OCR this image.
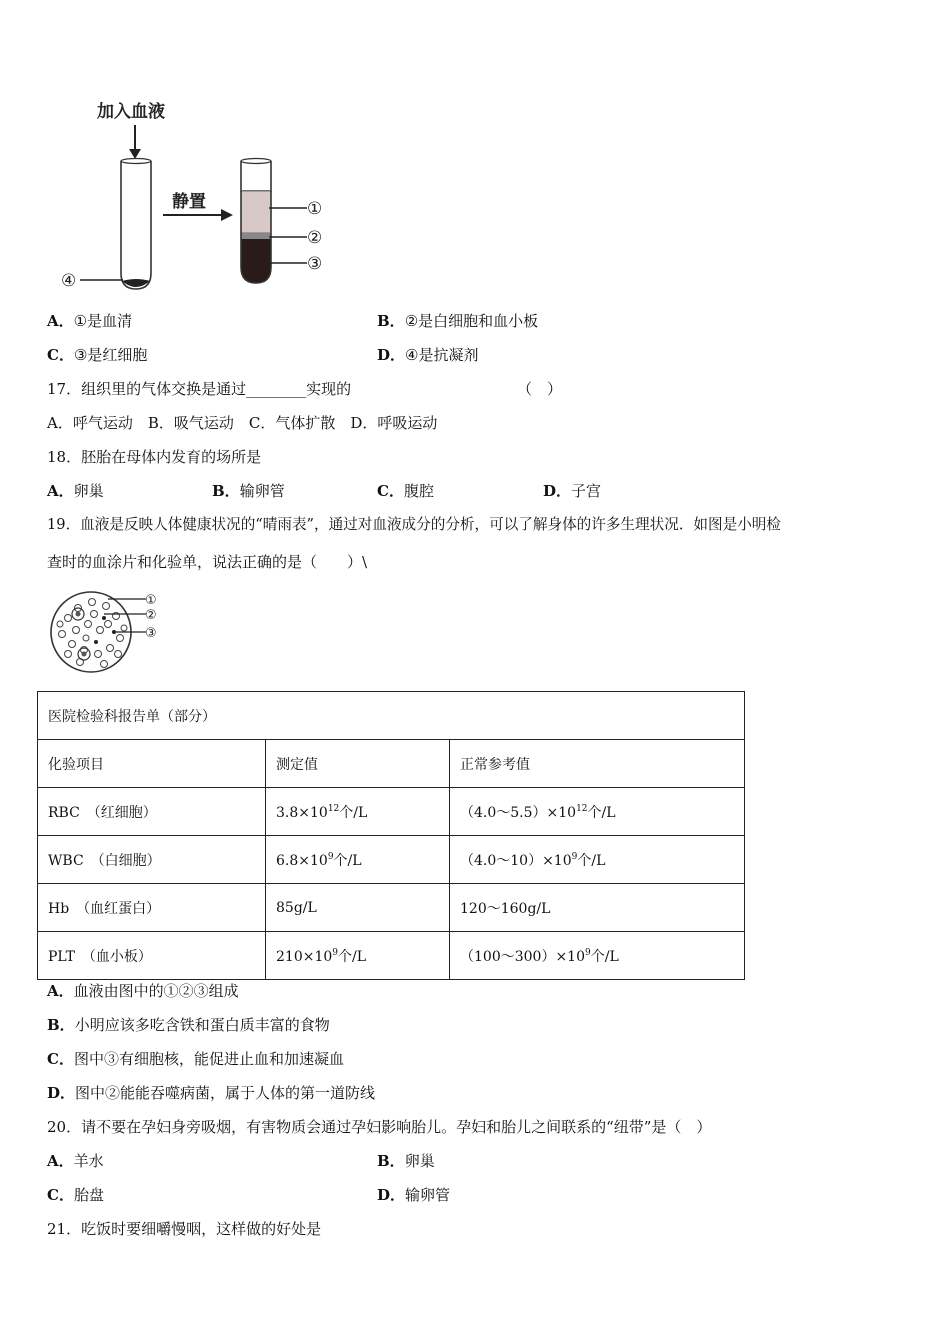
加入血液
④
静置	①
②
③
A．①是血清	B．②是白细胞和血小板
C．③是红细胞	D．④是抗凝剂
17．组织里的气体交换是通过________实现的	（　）
A．呼气运动　B．吸气运动　C．气体扩散　D．呼吸运动
18．胚胎在母体内发育的场所是
A．卵巢	B．输卵管	C．腹腔	D．子宫
19．血液是反映人体健康状况的“晴雨表”，通过对血液成分的分析，可以了解身体的许多生理状况．如图是小明检
查时的血涂片和化验单，说法正确的是（　　）\
①
②
③
医院检验科报告单（部分）		
化验项目	测定值	正常参考值
RBC　（红细胞）	$3.8\times 10^{12}$个/L	$(4.0\sim 5.5)\times 10^{12}$个/L
WBC　（白细胞）	$6.8\times 10^9$个/L	$(4.0\sim 10)\times 10^9$个/L
Hb　（血红蛋白）	85g/L	120～160g/L
PLT　（血小板）	$210\times 10^9$个/L	$(100\sim 300)\times 10^9$个/L
A．血液由图中的①②③组成
B．小明应该多吃含铁和蛋白质丰富的食物
C．图中③有细胞核，能促进止血和加速凝血
D．图中②能能吞噬病菌，属于人体的第一道防线
20．请不要在孕妇身旁吸烟，有害物质会通过孕妇影响胎儿。孕妇和胎儿之间联系的“纽带”是（　）
A．羊水	B．卵巢
C．胎盘	D．输卵管
21．吃饭时要细嚼慢咽，这样做的好处是
